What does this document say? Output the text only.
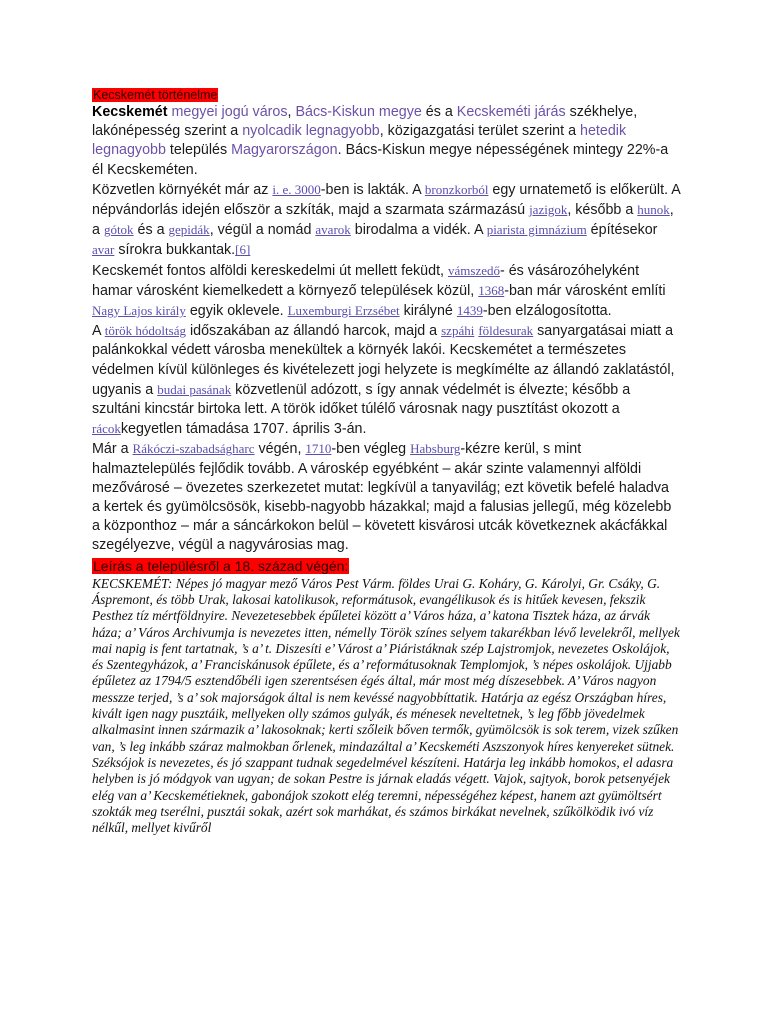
Kecskemét történelme

Kecskemét megyei jogú város, Bács-Kiskun megye és a Kecskeméti járás székhelye, lakónépesség szerint a nyolcadik legnagyobb, közigazgatási terület szerint a hetedik legnagyobb település Magyarországon. Bács-Kiskun megye népességének mintegy 22%-a él Kecskeméten.

Közvetlen környékét már az i. e. 3000-ben is lakták. A bronzkorból egy urnatemető is előkerült. A népvándorlás idején először a szkíták, majd a szarmata származású jazigok, később a hunok, a gótok és a gepidák, végül a nomád avarok birodalma a vidék. A piarista gimnázium építésekor avar sírokra bukkantak.[6]

Kecskemét fontos alföldi kereskedelmi út mellett feküdt, vámszedő- és vásározóhelyként hamar városként kiemelkedett a környező települések közül, 1368-ban már városként említi Nagy Lajos király egyik oklevele. Luxemburgi Erzsébet királyné 1439-ben elzálogosította.

A török hódoltság időszakában az állandó harcok, majd a szpáhi földesurak sanyargatásai miatt a palánkokkal védett városba menekültek a környék lakói. Kecskemétet a természetes védelmen kívül különleges és kivételezett jogi helyzete is megkímélte az állandó zaklatástól, ugyanis a budai pasának közvetlenül adózott, s így annak védelmét is élvezte; később a szultáni kincstár birtoka lett. A török időket túlélő városnak nagy pusztítást okozott a rácokkegyetlen támadása 1707. április 3-án.

Már a Rákóczi-szabadságharc végén, 1710-ben végleg Habsburg-kézre kerül, s mint halmaztelepülés fejlődik tovább. A városkép egyébként – akár szinte valamennyi alföldi mezővárosé – övezetes szerkezetet mutat: legkívül a tanyavilág; ezt követik befelé haladva a kertek és gyümölcsösök, kisebb-nagyobb házakkal; majd a falusias jellegű, még közelebb a központhoz – már a sáncárkokon belül – követett kisvárosi utcák következnek akácfákkal szegélyezve, végül a nagyvárosias mag.

Leírás a településről a 18. század végén:

KECSKEMÉT: Népes jó magyar mező Város Pest Várm. földes Urai G. Koháry, G. Károlyi, Gr. Csáky, G. Áspremont, és több Urak, lakosai katolikusok, reformátusok, evangélikusok és is hitűek kevesen, fekszik Pesthez tíz mértföldnyire. Nevezetesebbek épűletei között a’ Város háza, a’ katona Tisztek háza, az árvák háza; a’ Város Archivumja is nevezetes itten, némelly Török színes selyem takarékban lévő levelekről, mellyek mai napig is fent tartatnak, ’s a’ t. Diszesíti e’ Várost a’ Piáristáknak szép Lajstromjok, nevezetes Oskolájok, és Szentegyházok, a’ Franciskánusok épűlete, és a’ reformátusoknak Templomjok, ’s népes oskolájok. Ujjabb épűletez az 1794/5 esztendőbéli igen szerentsésen égés által, már most még díszesebbek. A’ Város nagyon messzze terjed, ’s a’ sok majorságok által is nem kevéssé nagyobbíttatik. Határja az egész Országban híres, kivált igen nagy pusztáik, mellyeken olly számos gulyák, és ménesek neveltetnek, ’s leg főbb jövedelmek alkalmasint innen származik a’ lakosoknak; kerti szőleik bőven termők, gyümölcsök is sok terem, vizek szűken van, ’s leg inkább száraz malmokban őrlenek, mindazáltal a’ Kecskeméti Aszszonyok híres kenyereket sütnek. Széksójok is nevezetes, és jó szappant tudnak segedelmével készíteni. Határja leg inkább homokos, el adasra helyben is jó módgyok van ugyan; de sokan Pestre is járnak eladás végett. Vajok, sajtyok, borok petsenyéjek elég van a’ Kecskemétieknek, gabonájok szokott elég teremni, népességéhez képest, hanem azt gyümöltsért szokták meg tserélni, pusztái sokak, azért sok marhákat, és számos birkákat nevelnek, szűkölködik ivó víz nélkűl, mellyet kivűről
